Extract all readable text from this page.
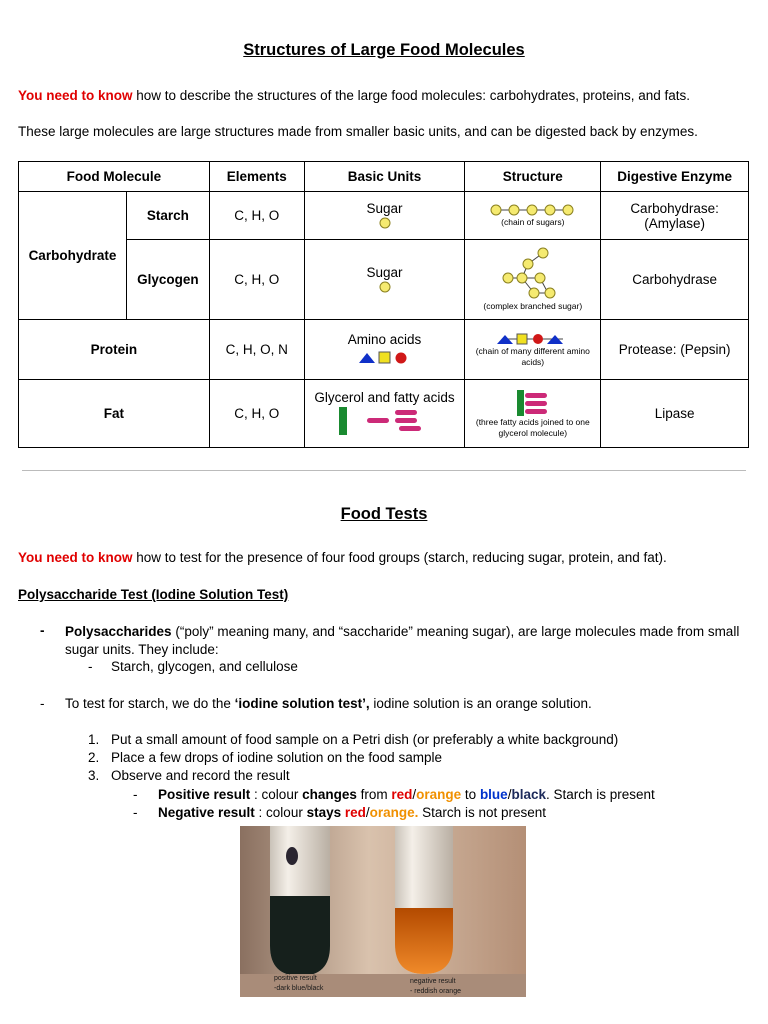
Structures of Large Food Molecules
You need to know how to describe the structures of the large food molecules: carbohydrates, proteins, and fats.
These large molecules are large structures made from smaller basic units, and can be digested back by enzymes.
Food Molecule		Elements	Basic Units	Structure	Digestive Enzyme
Carbohydrate	Starch	C, H, O	Sugar	(chain of sugars)	Carbohydrase: (Amylase)
	Glycogen	C, H, O	Sugar	(complex branched sugar)	Carbohydrase
Protein		C, H, O, N	Amino acids	(chain of many different amino acids)	Protease: (Pepsin)
Fat		C, H, O	Glycerol and fatty acids	(three fatty acids joined to one glycerol molecule)	Lipase
Food Tests
You need to know how to test for the presence of four food groups (starch, reducing sugar, protein, and fat).
Polysaccharide Test (Iodine Solution Test)
- Polysaccharides (“poly” meaning many, and “saccharide” meaning sugar), are large molecules made from small sugar units. They include:
- Starch, glycogen, and cellulose
- To test for starch, we do the ‘iodine solution test’, iodine solution is an orange solution.
1. Put a small amount of food sample on a Petri dish (or preferably a white background)
2. Place a few drops of iodine solution on the food sample
3. Observe and record the result
- Positive result : colour changes from red/orange to blue/black. Starch is present
- Negative result : colour stays red/orange. Starch is not present
positive result
-dark blue/black
negative result
- reddish orange
